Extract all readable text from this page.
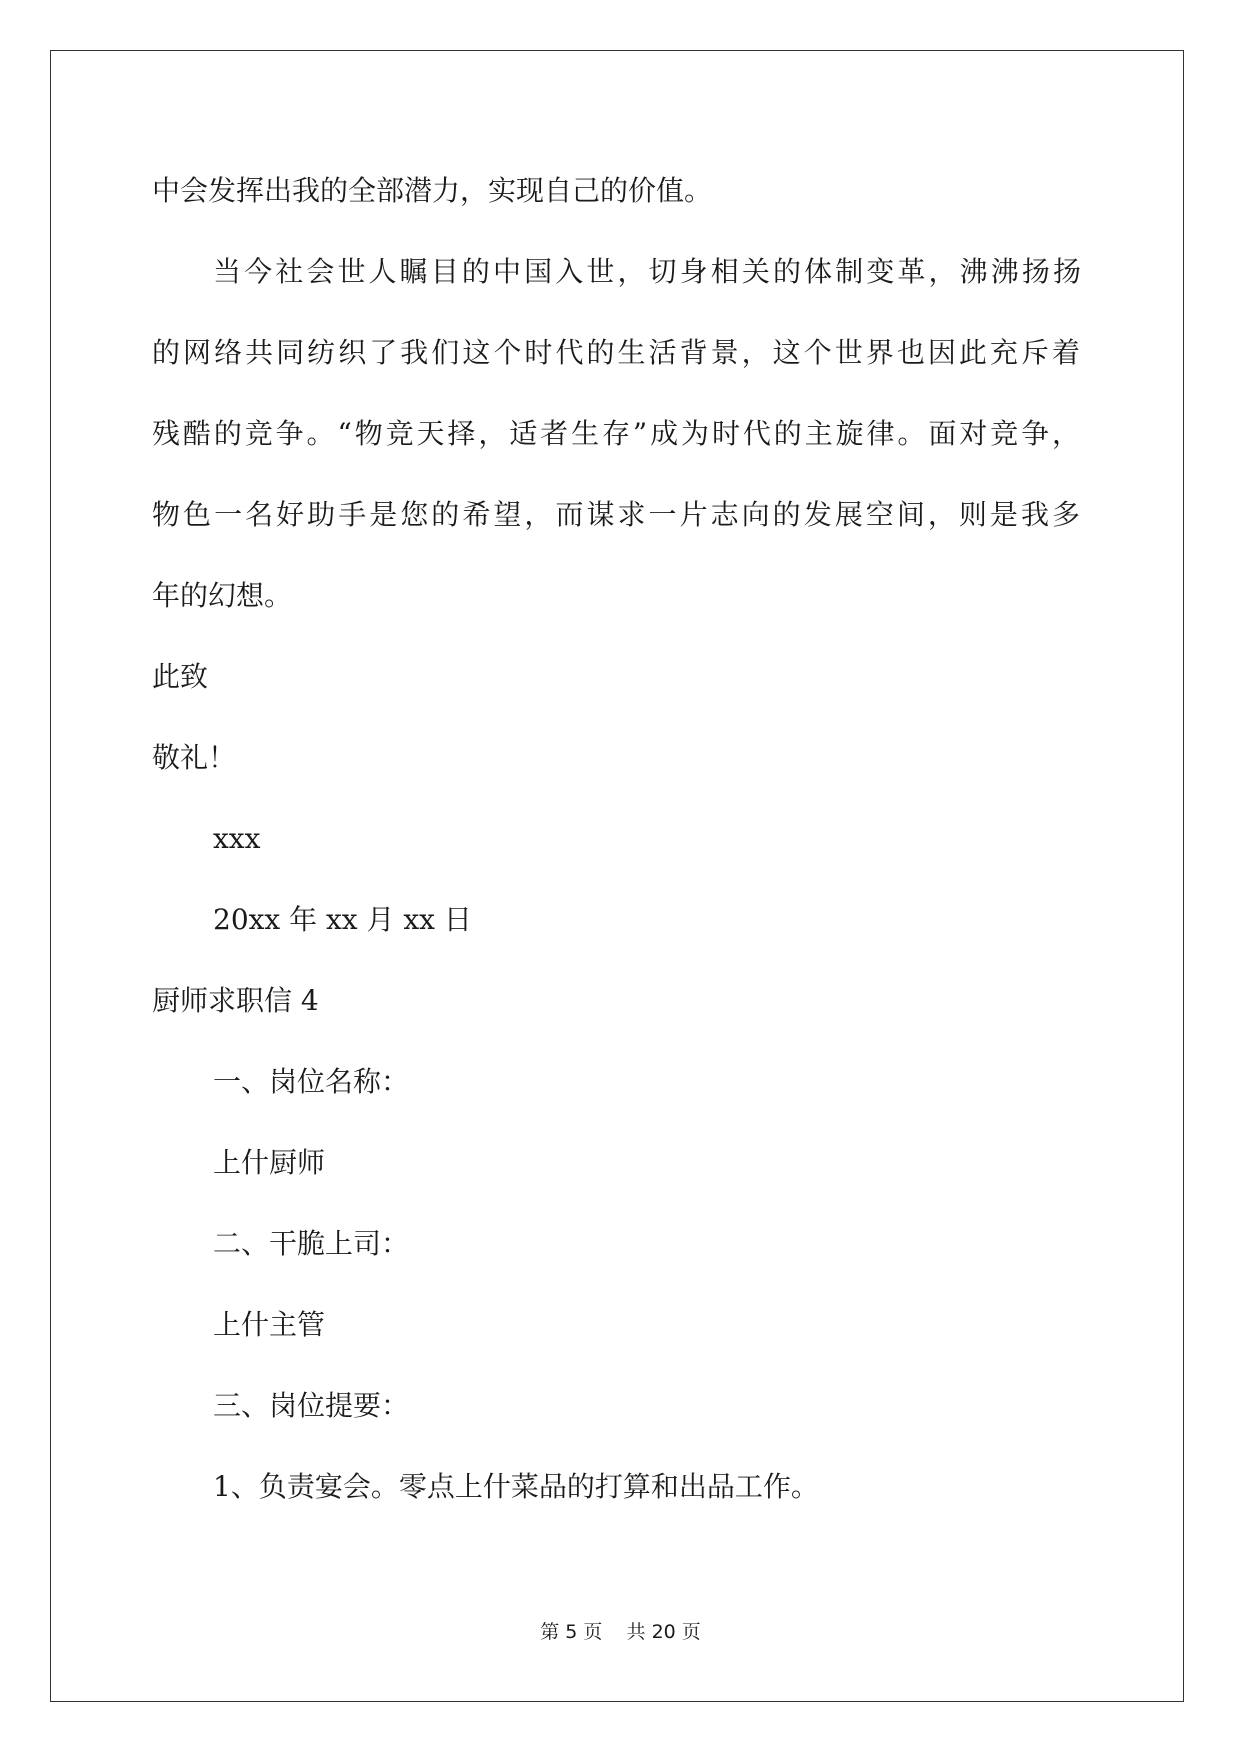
中会发挥出我的全部潜力，实现自己的价值。
当今社会世人瞩目的中国入世，切身相关的体制变革，沸沸扬扬
的网络共同纺织了我们这个时代的生活背景，这个世界也因此充斥着
残酷的竞争。“物竞天择，适者生存”成为时代的主旋律。面对竞争，
物色一名好助手是您的希望，而谋求一片志向的发展空间，则是我多
年的幻想。
此致
敬礼！
xxx
20xx 年 xx 月 xx 日
厨师求职信 4
一、岗位名称：
上什厨师
二、干脆上司：
上什主管
三、岗位提要：
1、负责宴会。零点上什菜品的打算和出品工作。
第 5 页    共 20 页
